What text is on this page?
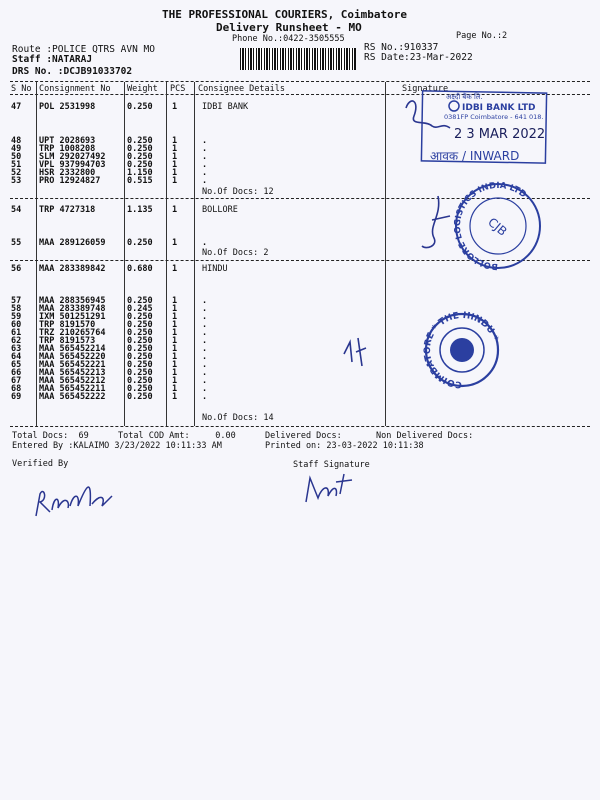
THE PROFESSIONAL COURIERS, Coimbatore
Delivery Runsheet - MO
Phone No.:0422-3505555	Page No.:2
Route :POLICE QTRS AVN MO
Staff :NATARAJ
DRS No. :DCJB91033702
RS No.:910337
RS Date:23-Mar-2022
S No Consignment No Weight PCS Consignee Details	Signature
47 POL 2531998	0.250 1	IDBI BANK
48 UPT 2028693	0.250 1	.
49 TRP 1008208	0.250 1	.
50 SLM 292027492	0.250 1	.
51 VPL 937994703	0.250 1	.
52 HSR 2332800	1.150 1	.
53 PRO 12924827	0.515 1	.
54 TRP 4727318	1.135 1	BOLLORE
55 MAA 289126059	0.250 1	.
56 MAA 283389842	0.680 1	HINDU
57 MAA 288356945	0.250 1	.
58 MAA 283389748	0.245 1	.
59 IXM 501251291	0.250 1	.
60 TRP 8191570	0.250 1	.
61 TRZ 210265764	0.250 1	.
62 TRP 8191573	0.250 1	.
63 MAA 565452214	0.250 1	.
64 MAA 565452220	0.250 1	.
65 MAA 565452221	0.250 1	.
66 MAA 565452213	0.250 1	.
67 MAA 565452212	0.250 1	.
68 MAA 565452211	0.250 1	.
69 MAA 565452222	0.250 1	.
No.Of Docs: 12
No.Of Docs: 2
No.Of Docs: 14
Total Docs:  69	Total COD Amt:     0.00	Delivered Docs:	Non Delivered Docs:
Entered By :KALAIMO 3/23/2022 10:11:33 AM	Printed on: 23-03-2022 10:11:38
Verified By	Staff Signature
अक्ष्दी बैंक लि.
IDBI BANK LTD
0381FP Coimbatore - 641 018.
2 3 MAR 2022
आवक / INWARD
BOLLORE LOGISTICS INDIA LTD
CJB
COIMBATORE * THE HINDU *
